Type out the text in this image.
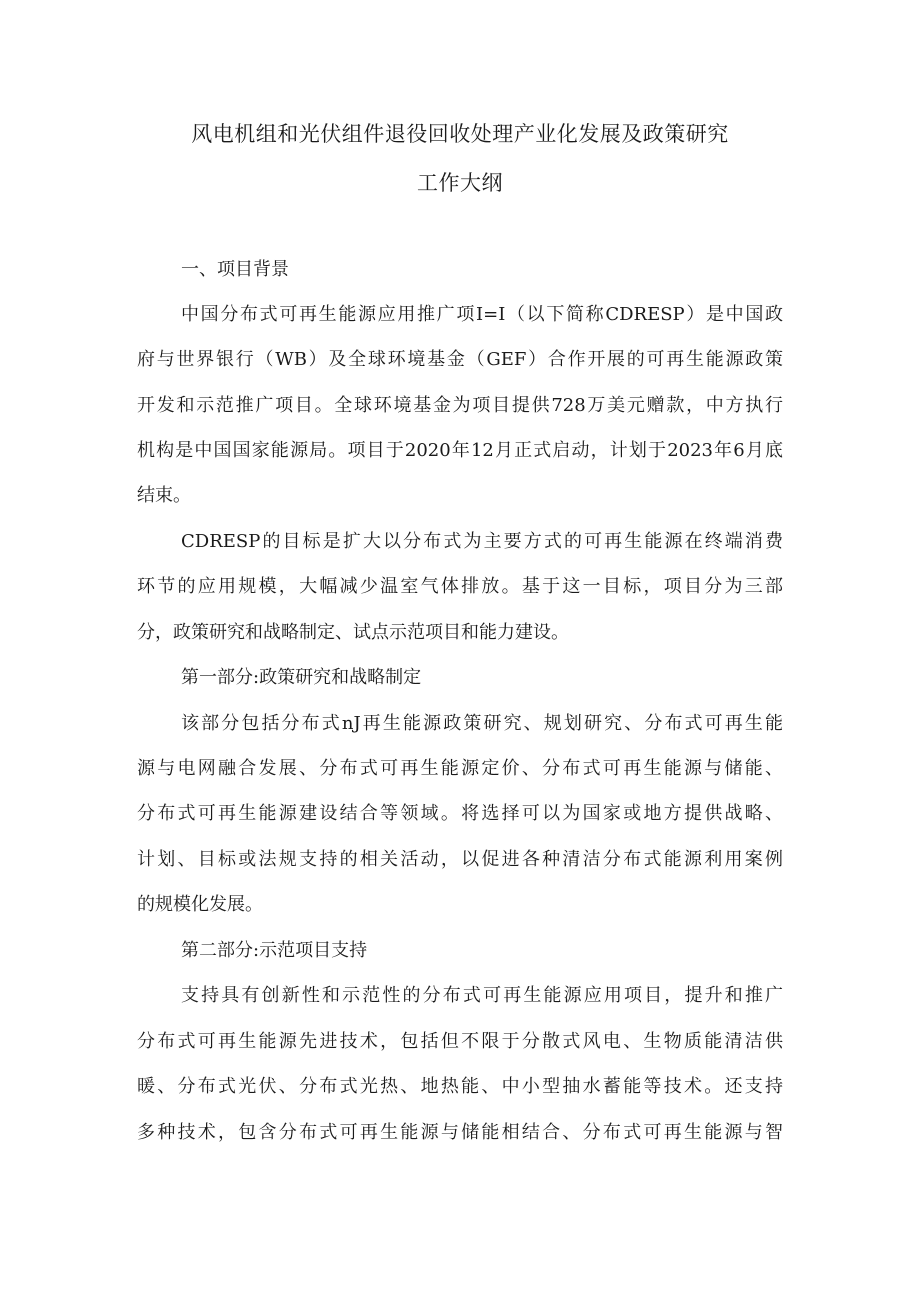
风电机组和光伏组件退役回收处理产业化发展及政策研究
工作大纲
一、项目背景
中国分布式可再生能源应用推广项I=I（以下简称CDRESP）是中国政
府与世界银行（WB）及全球环境基金（GEF）合作开展的可再生能源政策
开发和示范推广项目。全球环境基金为项目提供728万美元赠款，中方执行
机构是中国国家能源局。项目于2020年12月正式启动，计划于2023年6月底
结束。
CDRESP的目标是扩大以分布式为主要方式的可再生能源在终端消费
环节的应用规模，大幅减少温室气体排放。基于这一目标，项目分为三部
分，政策研究和战略制定、试点示范项目和能力建设。
第一部分:政策研究和战略制定
该部分包括分布式nJ再生能源政策研究、规划研究、分布式可再生能
源与电网融合发展、分布式可再生能源定价、分布式可再生能源与储能、
分布式可再生能源建设结合等领域。将选择可以为国家或地方提供战略、
计划、目标或法规支持的相关活动，以促进各种清洁分布式能源利用案例
的规模化发展。
第二部分:示范项目支持
支持具有创新性和示范性的分布式可再生能源应用项目，提升和推广
分布式可再生能源先进技术，包括但不限于分散式风电、生物质能清洁供
暖、分布式光伏、分布式光热、地热能、中小型抽水蓄能等技术。还支持
多种技术，包含分布式可再生能源与储能相结合、分布式可再生能源与智
